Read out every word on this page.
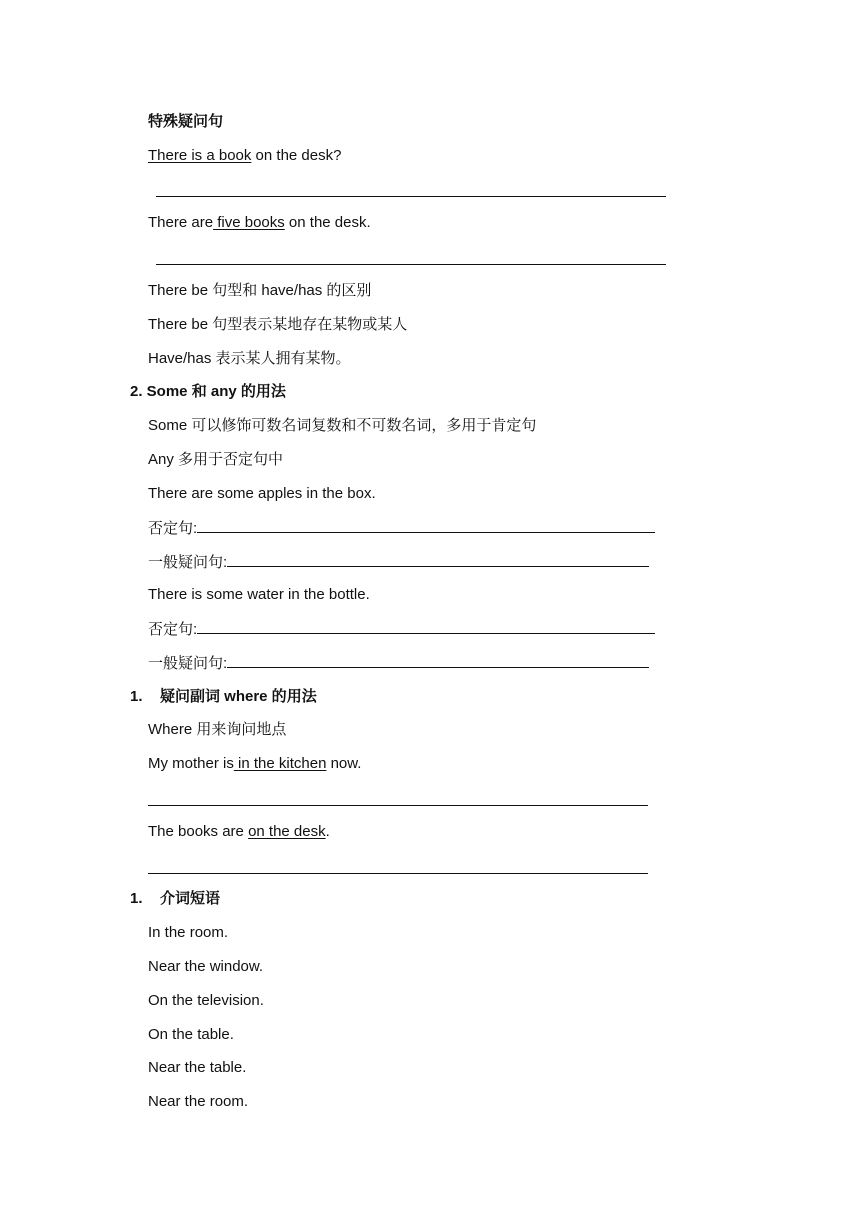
特殊疑问句
There is a book on the desk?
There are five books on the desk.
There be 句型和 have/has 的区别
There be 句型表示某地存在某物或某人
Have/has 表示某人拥有某物。
2. Some 和 any 的用法
Some 可以修饰可数名词复数和不可数名词，多用于肯定句
Any 多用于否定句中
There are some apples in the box.
否定句:
一般疑问句:
There is some water in the bottle.
否定句:
一般疑问句:
1. 疑问副词 where 的用法
Where 用来询问地点
My mother is in the kitchen now.
The books are on the desk.
1. 介词短语
In the room.
Near the window.
On the television.
On the table.
Near the table.
Near the room.
